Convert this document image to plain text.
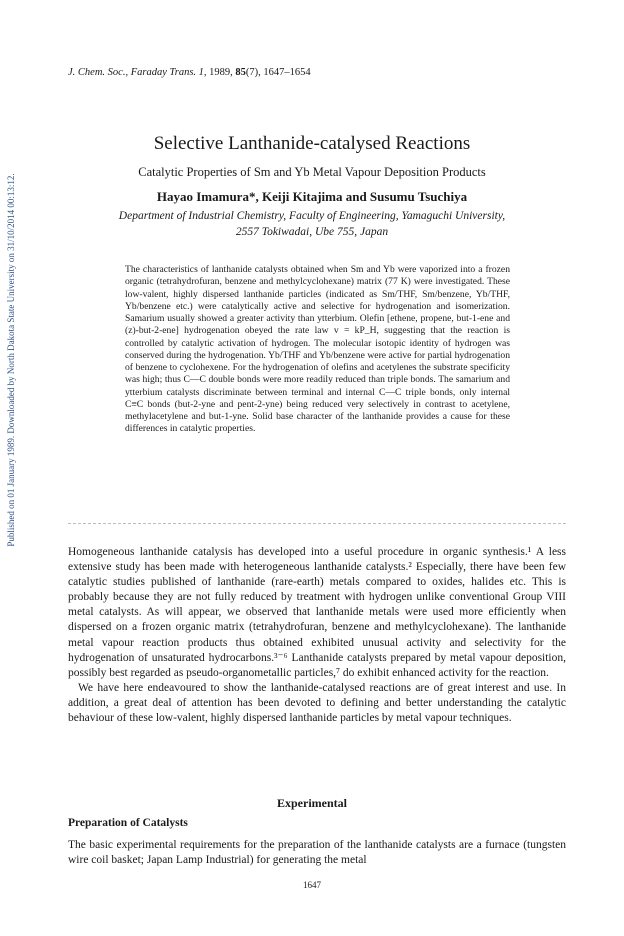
Published on 01 January 1989. Downloaded by North Dakota State University on 31/10/2014 00:13:12.
J. Chem. Soc., Faraday Trans. 1, 1989, 85(7), 1647–1654
Selective Lanthanide-catalysed Reactions
Catalytic Properties of Sm and Yb Metal Vapour Deposition Products
Hayao Imamura*, Keiji Kitajima and Susumu Tsuchiya
Department of Industrial Chemistry, Faculty of Engineering, Yamaguchi University,
2557 Tokiwadai, Ube 755, Japan

The characteristics of lanthanide catalysts obtained when Sm and Yb were vaporized into a frozen organic (tetrahydrofuran, benzene and methylcyclohexane) matrix (77 K) were investigated. These low-valent, highly dispersed lanthanide particles (indicated as Sm/THF, Sm/benzene, Yb/THF, Yb/benzene etc.) were catalytically active and selective for hydrogenation and isomerization. Samarium usually showed a greater activity than ytterbium. Olefin [ethene, propene, but-1-ene and (z)-but-2-ene] hydrogenation obeyed the rate law v = kP_H, suggesting that the reaction is controlled by catalytic activation of hydrogen. The molecular isotopic identity of hydrogen was conserved during the hydrogenation. Yb/THF and Yb/benzene were active for partial hydrogenation of benzene to cyclohexene. For the hydrogenation of olefins and acetylenes the substrate specificity was high; thus C—C double bonds were more readily reduced than triple bonds. The samarium and ytterbium catalysts discriminate between terminal and internal C—C triple bonds, only internal C≡C bonds (but-2-yne and pent-2-yne) being reduced very selectively in contrast to acetylene, methylacetylene and but-1-yne. Solid base character of the lanthanide provides a cause for these differences in catalytic properties.

Homogeneous lanthanide catalysis has developed into a useful procedure in organic synthesis.¹ A less extensive study has been made with heterogeneous lanthanide catalysts.² Especially, there have been few catalytic studies published of lanthanide (rare-earth) metals compared to oxides, halides etc. This is probably because they are not fully reduced by treatment with hydrogen unlike conventional Group VIII metal catalysts. As will appear, we observed that lanthanide metals were used more efficiently when dispersed on a frozen organic matrix (tetrahydrofuran, benzene and methylcyclohexane). The lanthanide metal vapour reaction products thus obtained exhibited unusual activity and selectivity for the hydrogenation of unsaturated hydrocarbons.³⁻⁶ Lanthanide catalysts prepared by metal vapour deposition, possibly best regarded as pseudo-organometallic particles,⁷ do exhibit enhanced activity for the reaction.

We have here endeavoured to show the lanthanide-catalysed reactions are of great interest and use. In addition, a great deal of attention has been devoted to defining and better understanding the catalytic behaviour of these low-valent, highly dispersed lanthanide particles by metal vapour techniques.

Experimental
Preparation of Catalysts

The basic experimental requirements for the preparation of the lanthanide catalysts are a furnace (tungsten wire coil basket; Japan Lamp Industrial) for generating the metal

1647
